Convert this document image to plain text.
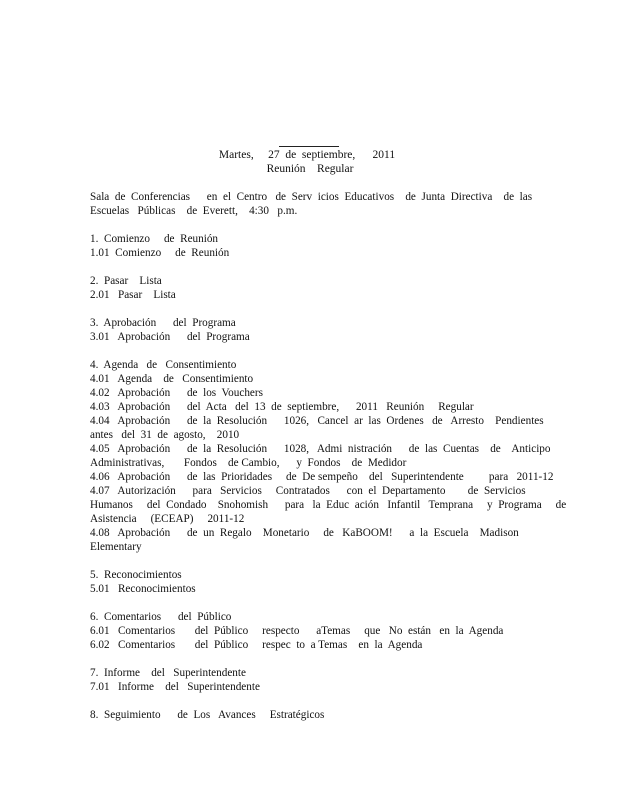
Martes,     27  de  septiembre,      2011
Reunión    Regular
Sala  de  Conferencias      en  el  Centro   de  Serv  icios  Educativos    de  Junta  Directiva    de  las
Escuelas   Públicas    de  Everett,    4:30   p.m.
1.  Comienzo     de  Reunión
1.01  Comienzo     de  Reunión
2.  Pasar    Lista
2.01   Pasar    Lista
3.  Aprobación      del  Programa
3.01   Aprobación      del  Programa
4.  Agenda   de   Consentimiento
4.01   Agenda    de   Consentimiento
4.02   Aprobación      de  los  Vouchers
4.03   Aprobación      del  Acta   del  13  de  septiembre,      2011   Reunión     Regular
4.04   Aprobación      de  la  Resolución      1026,   Cancel  ar  las  Ordenes   de   Arresto    Pendientes
antes   del  31  de  agosto,    2010
4.05   Aprobación      de  la  Resolución      1028,   Admi  nistración      de  las  Cuentas    de    Anticipo
Administrativas,       Fondos    de Cambio,      y  Fondos    de  Medidor
4.06   Aprobación      de  las  Prioridades     de  De sempeño    del   Superintendente         para   2011-12
4.07   Autorización      para   Servicios     Contratados      con  el  Departamento        de  Servicios
Humanos     del  Condado    Snohomish      para   la  Educ  ación   Infantil   Temprana     y  Programa     de
Asistencia     (ECEAP)     2011-12
4.08   Aprobación      de  un  Regalo    Monetario     de   KaBOOM!      a  la  Escuela    Madison
Elementary
5.  Reconocimientos
5.01   Reconocimientos
6.  Comentarios      del  Público
6.01   Comentarios       del  Público     respecto      aTemas     que   No  están   en  la  Agenda
6.02   Comentarios       del  Público     respec  to  a Temas    en  la  Agenda
7.  Informe    del   Superintendente
7.01   Informe    del   Superintendente
8.  Seguimiento      de  Los   Avances     Estratégicos
